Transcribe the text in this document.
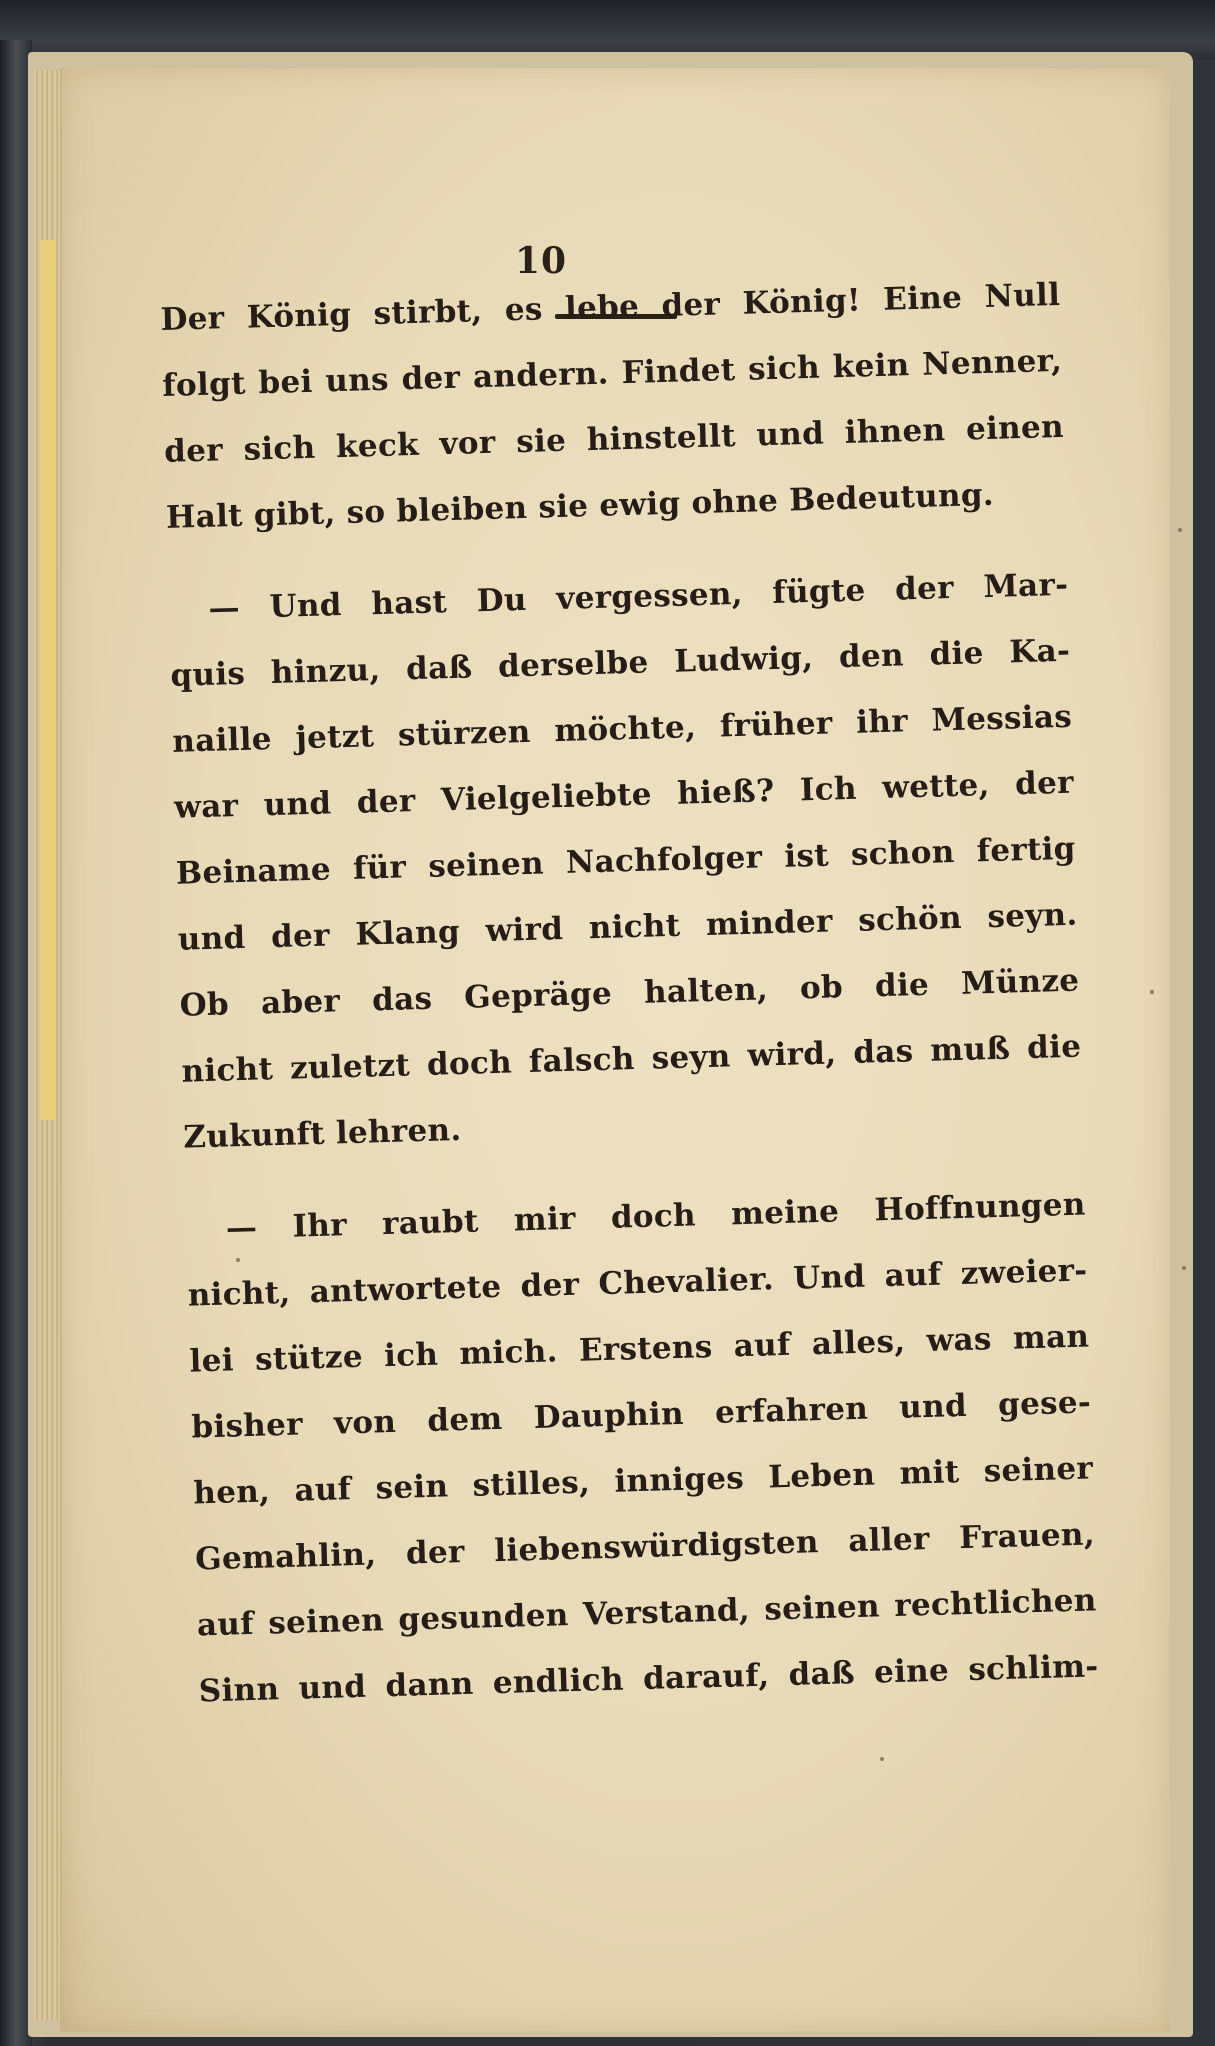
10
Der König stirbt, es lebe der König! Eine Null
folgt bei uns der andern. Findet sich kein Nenner,
der sich keck vor sie hinstellt und ihnen einen
Halt gibt, so bleiben sie ewig ohne Bedeutung.
— Und hast Du vergessen, fügte der Mar-
quis hinzu, daß derselbe Ludwig, den die Ka-
naille jetzt stürzen möchte, früher ihr Messias
war und der Vielgeliebte hieß? Ich wette, der
Beiname für seinen Nachfolger ist schon fertig
und der Klang wird nicht minder schön seyn.
Ob aber das Gepräge halten, ob die Münze
nicht zuletzt doch falsch seyn wird, das muß die
Zukunft lehren.
— Ihr raubt mir doch meine Hoffnungen
nicht, antwortete der Chevalier. Und auf zweier-
lei stütze ich mich. Erstens auf alles, was man
bisher von dem Dauphin erfahren und gese-
hen, auf sein stilles, inniges Leben mit seiner
Gemahlin, der liebenswürdigsten aller Frauen,
auf seinen gesunden Verstand, seinen rechtlichen
Sinn und dann endlich darauf, daß eine schlim-
